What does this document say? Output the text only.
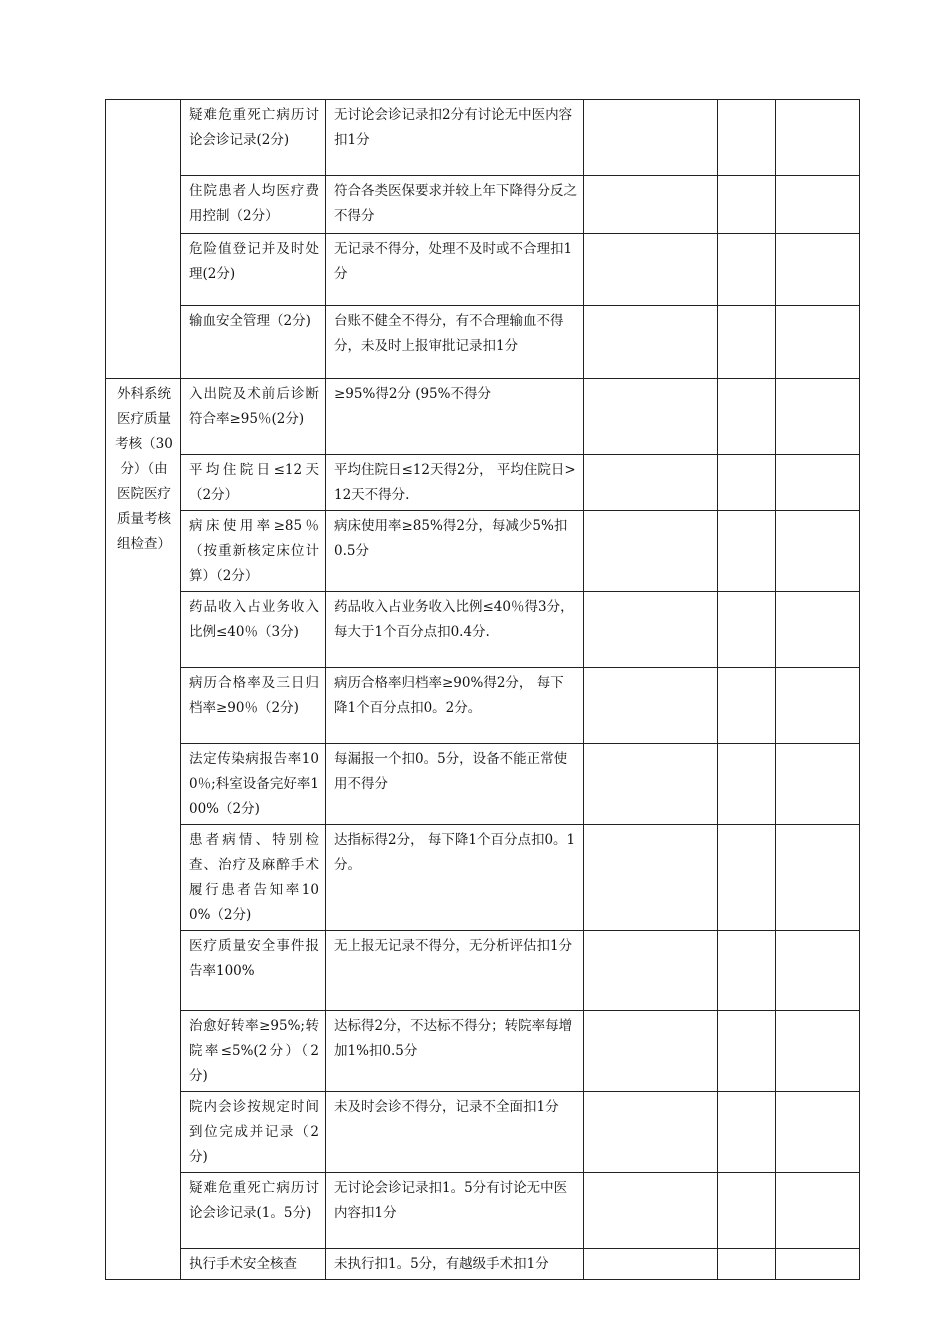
	疑难危重死亡病历讨论会诊记录(2分)	无讨论会诊记录扣2分有讨论无中医内容扣1分			
	住院患者人均医疗费用控制（2分）	符合各类医保要求并较上年下降得分反之不得分			
	危险值登记并及时处理(2分)	无记录不得分，处理不及时或不合理扣1分			
	输血安全管理（2分)	台账不健全不得分，有不合理输血不得分，未及时上报审批记录扣1分			
外科系统医疗质量考核（30分）（由医院医疗质量考核组检查）	入出院及术前后诊断符合率≥95％(2分)	≥95%得2分 (95%不得分			
	平均住院日≤12天（2分）	平均住院日≤12天得2分， 平均住院日>12天不得分.			
	病床使用率≥85％（按重新核定床位计算）（2分）	病床使用率≥85%得2分，每减少5%扣0.5分			
	药品收入占业务收入比例≤40％（3分)	药品收入占业务收入比例≤40％得3分， 每大于1个百分点扣0.4分.			
	病历合格率及三日归档率≥90％（2分)	病历合格率归档率≥90%得2分， 每下降1个百分点扣0。2分。			
	法定传染病报告率100％;科室设备完好率100%（2分)	每漏报一个扣0。5分，设备不能正常使用不得分			
	患者病情、特别检查、治疗及麻醉手术履行患者告知率100%（2分)	达指标得2分， 每下降1个百分点扣0。1分。			
	医疗质量安全事件报告率100%	无上报无记录不得分，无分析评估扣1分			
	治愈好转率≥95%;转院率≤5%(2分）（2分)	达标得2分，不达标不得分；转院率每增加1%扣0.5分			
	院内会诊按规定时间到位完成并记录（2分)	未及时会诊不得分，记录不全面扣1分			
	疑难危重死亡病历讨论会诊记录(1。5分)	无讨论会诊记录扣1。5分有讨论无中医内容扣1分			
	执行手术安全核查	未执行扣1。5分，有越级手术扣1分			
